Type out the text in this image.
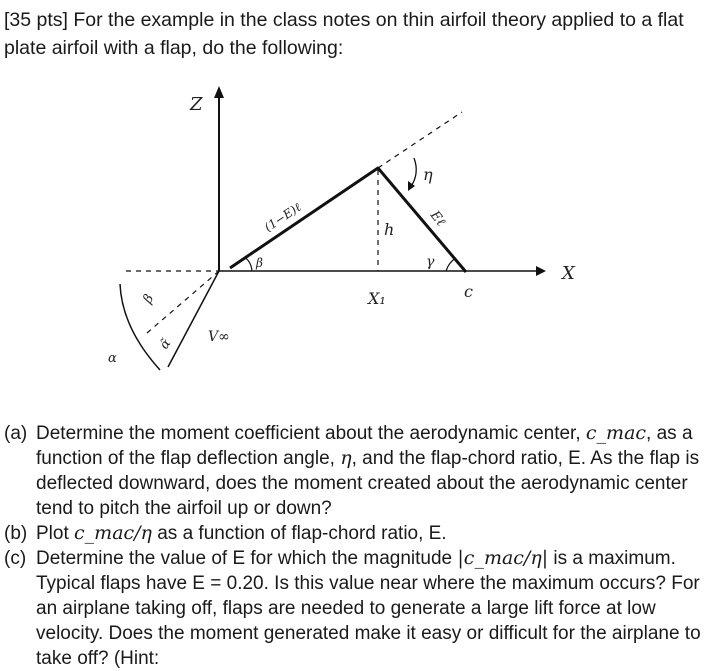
[35 pts] For the example in the class notes on thin airfoil theory applied to a flat plate airfoil with a flap, do the following:
Z
X
h
(1−E)ℓ	Eℓ
β	γ
η
X₁	c
β
α̃
α
V∞
(a) Determine the moment coefficient about the aerodynamic center, c_mac, as a function of the flap deflection angle, η, and the flap-chord ratio, E. As the flap is deflected downward, does the moment created about the aerodynamic center tend to pitch the airfoil up or down?
(b) Plot c_mac/η as a function of flap-chord ratio, E.
(c) Determine the value of E for which the magnitude |c_mac/η| is a maximum. Typical flaps have E = 0.20. Is this value near where the maximum occurs? For an airplane taking off, flaps are needed to generate a large lift force at low velocity. Does the moment generated make it easy or difficult for the airplane to take off? (Hint:
